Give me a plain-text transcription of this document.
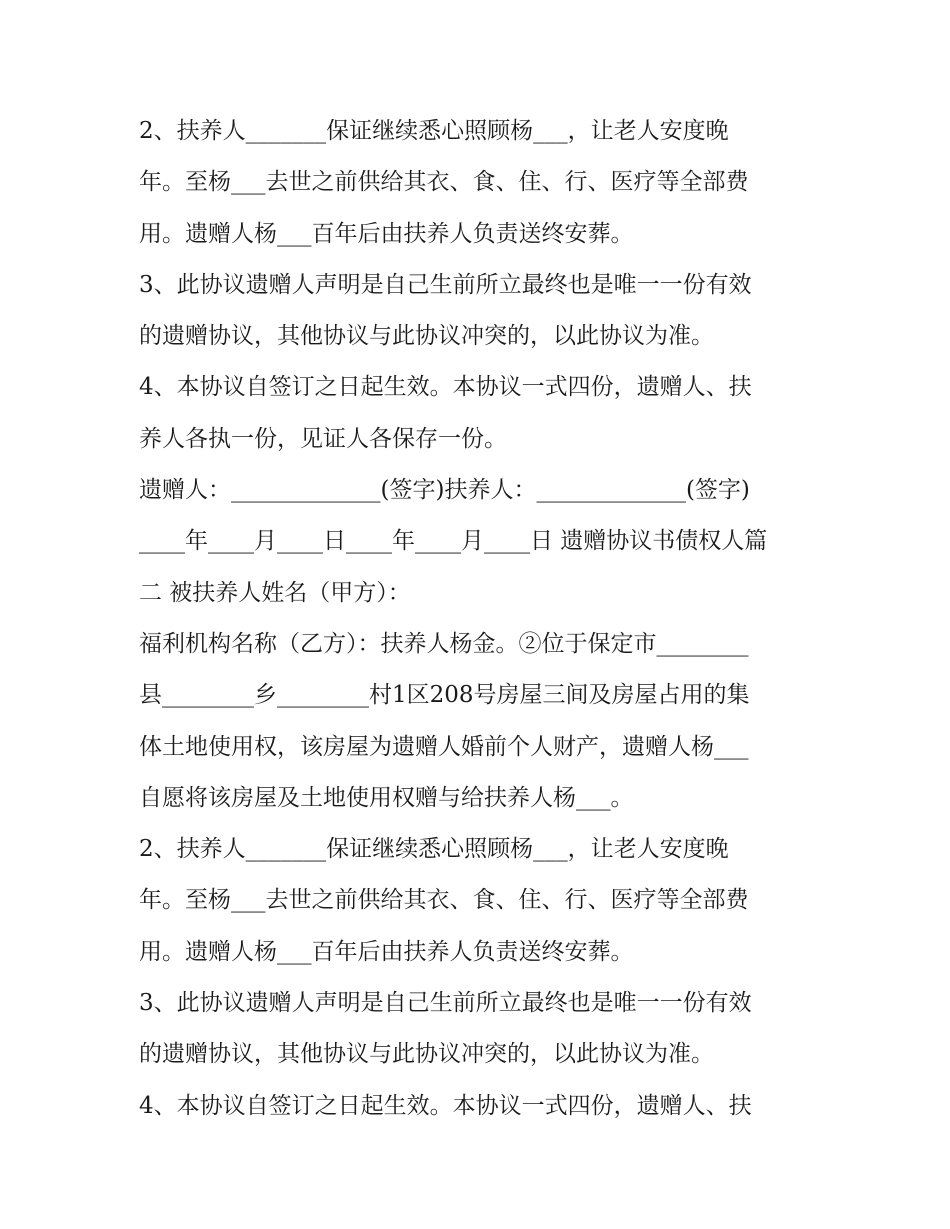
2、扶养人_______保证继续悉心照顾杨___，让老人安度晚
年。至杨___去世之前供给其衣、食、住、行、医疗等全部费
用。遗赠人杨___百年后由扶养人负责送终安葬。
3、此协议遗赠人声明是自己生前所立最终也是唯一一份有效
的遗赠协议，其他协议与此协议冲突的，以此协议为准。
4、本协议自签订之日起生效。本协议一式四份，遗赠人、扶
养人各执一份，见证人各保存一份。
遗赠人：_____________(签字)扶养人：_____________(签字)
____年____月____日____年____月____日 遗赠协议书债权人篇
二 被扶养人姓名（甲方）：
福利机构名称（乙方）：扶养人杨金。②位于保定市________
县________乡________村1区208号房屋三间及房屋占用的集
体土地使用权，该房屋为遗赠人婚前个人财产，遗赠人杨___
自愿将该房屋及土地使用权赠与给扶养人杨___。
2、扶养人_______保证继续悉心照顾杨___，让老人安度晚
年。至杨___去世之前供给其衣、食、住、行、医疗等全部费
用。遗赠人杨___百年后由扶养人负责送终安葬。
3、此协议遗赠人声明是自己生前所立最终也是唯一一份有效
的遗赠协议，其他协议与此协议冲突的，以此协议为准。
4、本协议自签订之日起生效。本协议一式四份，遗赠人、扶
